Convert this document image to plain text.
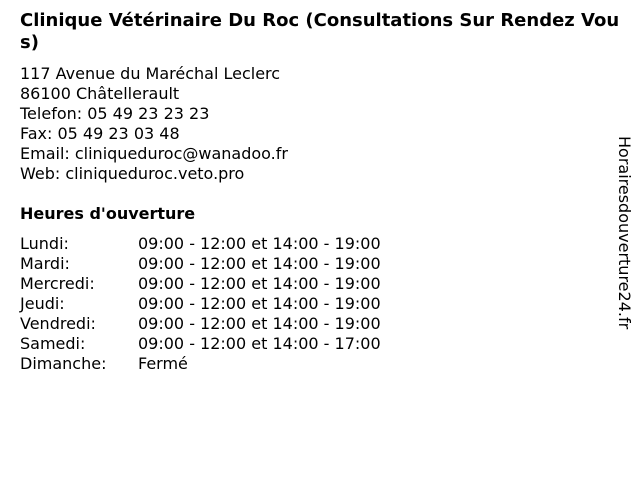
Clinique Vétérinaire Du Roc (Consultations Sur Rendez Vous)
117 Avenue du Maréchal Leclerc
86100 Châtellerault
Telefon: 05 49 23 23 23
Fax: 05 49 23 03 48
Email: cliniqueduroc@wanadoo.fr
Web: cliniqueduroc.veto.pro
Heures d'ouverture
Lundi:	09:00 - 12:00 et 14:00 - 19:00
Mardi:	09:00 - 12:00 et 14:00 - 19:00
Mercredi:	09:00 - 12:00 et 14:00 - 19:00
Jeudi:	09:00 - 12:00 et 14:00 - 19:00
Vendredi:	09:00 - 12:00 et 14:00 - 19:00
Samedi:	09:00 - 12:00 et 14:00 - 17:00
Dimanche:	Fermé
Horairesdouverture24.fr
